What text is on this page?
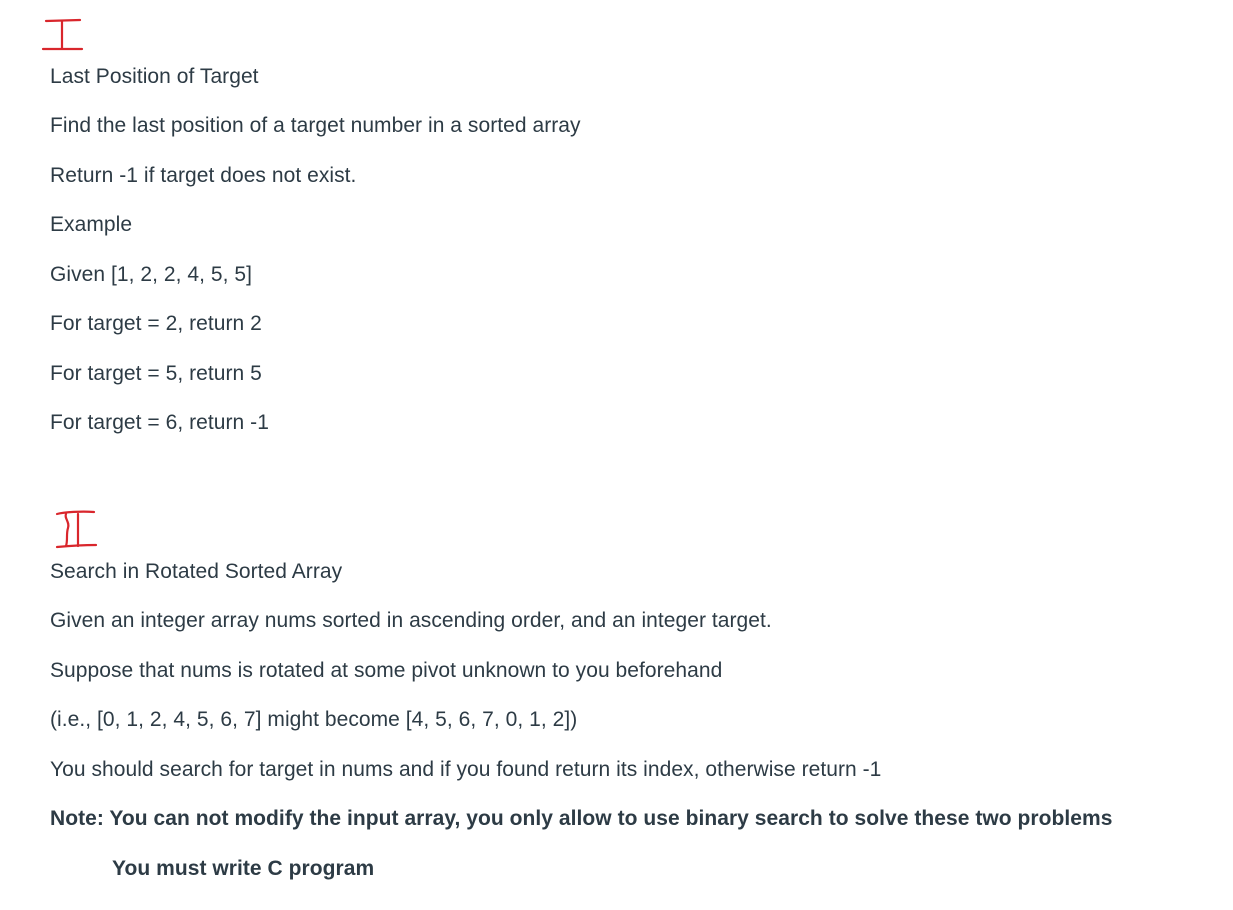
Last Position of Target
Find the last position of a target number in a sorted array
Return -1 if target does not exist.
Example
Given [1, 2, 2, 4, 5, 5]
For target = 2, return 2
For target = 5, return 5
For target = 6, return -1
Search in Rotated Sorted Array
Given an integer array nums sorted in ascending order, and an integer target.
Suppose that nums is rotated at some pivot unknown to you beforehand
(i.e., [0, 1, 2, 4, 5, 6, 7] might become [4, 5, 6, 7, 0, 1, 2])
You should search for target in nums and if you found return its index, otherwise return -1
Note: You can not modify the input array, you only allow to use binary search to solve these two problems
You must write C program
